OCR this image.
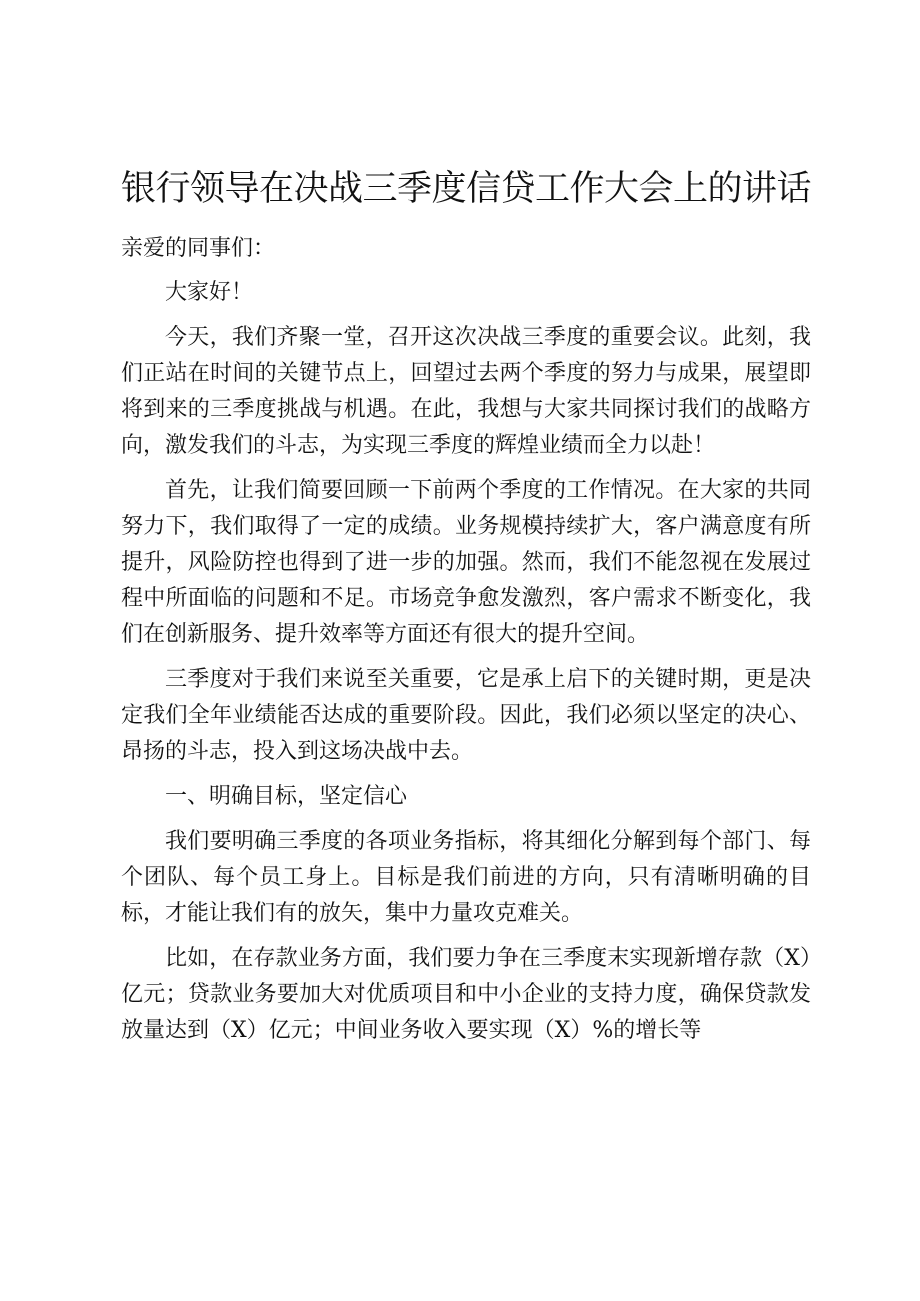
银行领导在决战三季度信贷工作大会上的讲话

亲爱的同事们：

大家好！

今天，我们齐聚一堂，召开这次决战三季度的重要会议。此刻，我们正站在时间的关键节点上，回望过去两个季度的努力与成果，展望即将到来的三季度挑战与机遇。在此，我想与大家共同探讨我们的战略方向，激发我们的斗志，为实现三季度的辉煌业绩而全力以赴！

首先，让我们简要回顾一下前两个季度的工作情况。在大家的共同努力下，我们取得了一定的成绩。业务规模持续扩大，客户满意度有所提升，风险防控也得到了进一步的加强。然而，我们不能忽视在发展过程中所面临的问题和不足。市场竞争愈发激烈，客户需求不断变化，我们在创新服务、提升效率等方面还有很大的提升空间。

三季度对于我们来说至关重要，它是承上启下的关键时期，更是决定我们全年业绩能否达成的重要阶段。因此，我们必须以坚定的决心、昂扬的斗志，投入到这场决战中去。

一、明确目标，坚定信心

我们要明确三季度的各项业务指标，将其细化分解到每个部门、每个团队、每个员工身上。目标是我们前进的方向，只有清晰明确的目标，才能让我们有的放矢，集中力量攻克难关。

比如，在存款业务方面，我们要力争在三季度末实现新增存款（X）亿元；贷款业务要加大对优质项目和中小企业的支持力度，确保贷款发放量达到（X）亿元；中间业务收入要实现（X）%的增长等
